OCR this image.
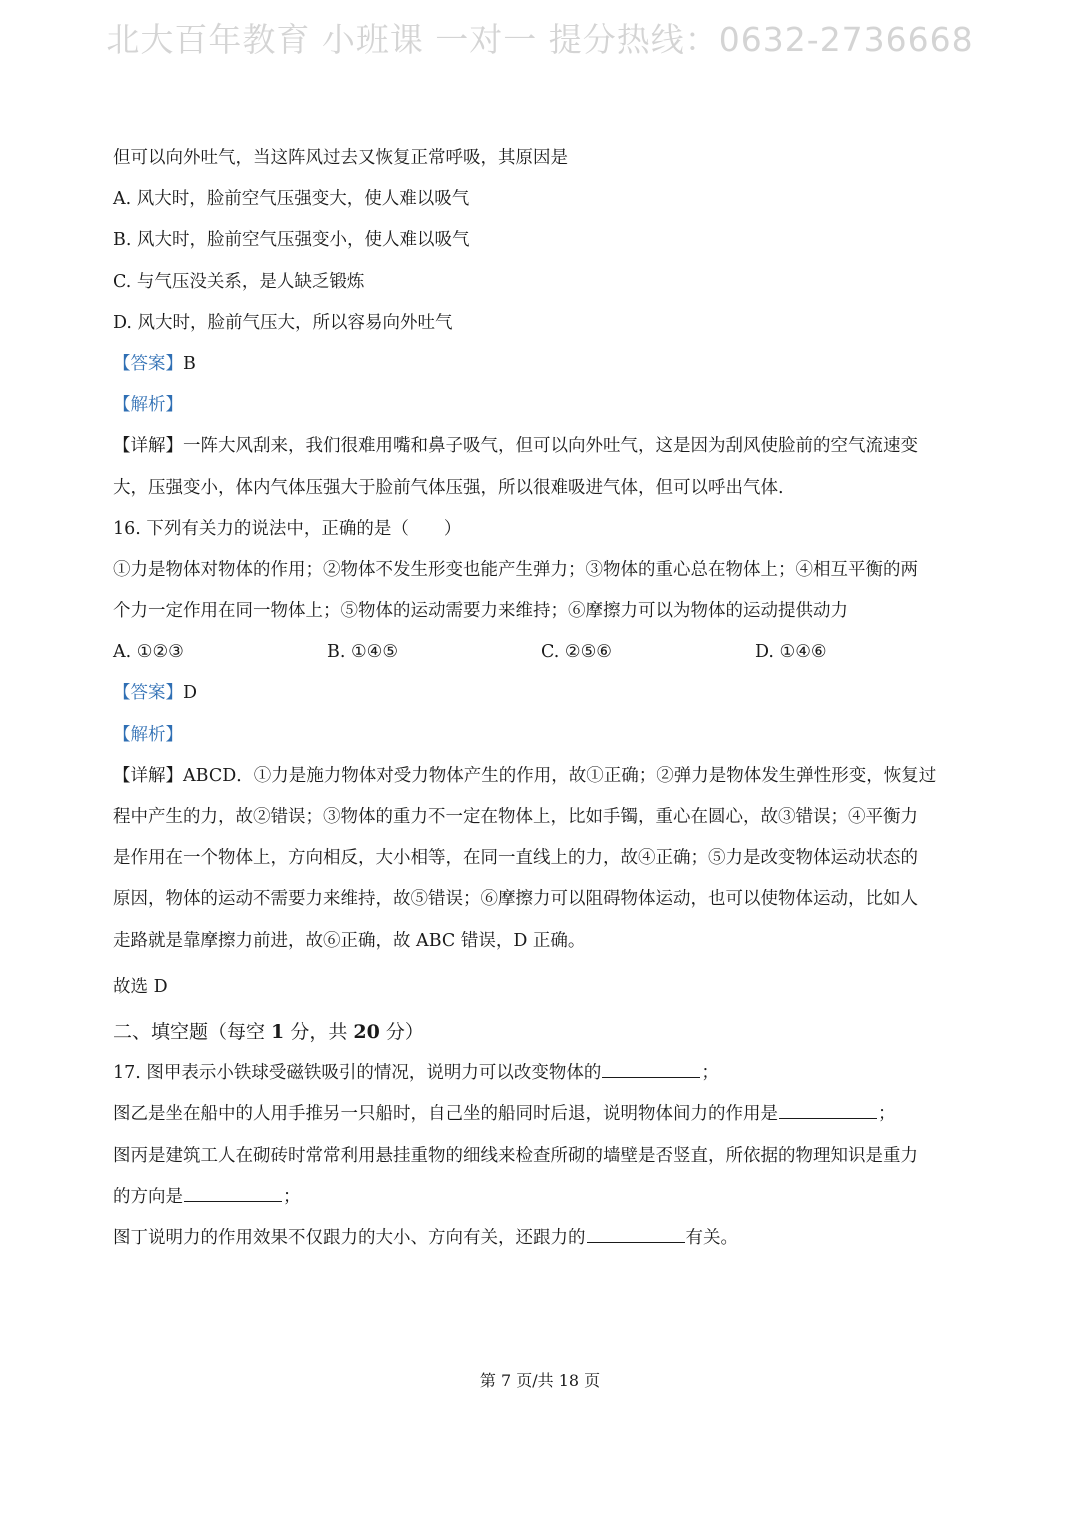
北大百年教育 小班课 一对一 提分热线：0632-2736668
但可以向外吐气，当这阵风过去又恢复正常呼吸，其原因是
A. 风大时，脸前空气压强变大，使人难以吸气
B. 风大时，脸前空气压强变小，使人难以吸气
C. 与气压没关系，是人缺乏锻炼
D. 风大时，脸前气压大，所以容易向外吐气
【答案】B
【解析】
【详解】一阵大风刮来，我们很难用嘴和鼻子吸气，但可以向外吐气，这是因为刮风使脸前的空气流速变
大，压强变小，体内气体压强大于脸前气体压强，所以很难吸进气体，但可以呼出气体.
16. 下列有关力的说法中，正确的是（　　）
①力是物体对物体的作用；②物体不发生形变也能产生弹力；③物体的重心总在物体上；④相互平衡的两
个力一定作用在同一物体上；⑤物体的运动需要力来维持；⑥摩擦力可以为物体的运动提供动力
A. ①②③	B. ①④⑤	C. ②⑤⑥	D. ①④⑥
【答案】D
【解析】
【详解】ABCD．①力是施力物体对受力物体产生的作用，故①正确；②弹力是物体发生弹性形变，恢复过
程中产生的力，故②错误；③物体的重力不一定在物体上，比如手镯，重心在圆心，故③错误；④平衡力
是作用在一个物体上，方向相反，大小相等，在同一直线上的力，故④正确；⑤力是改变物体运动状态的
原因，物体的运动不需要力来维持，故⑤错误；⑥摩擦力可以阻碍物体运动，也可以使物体运动，比如人
走路就是靠摩擦力前进，故⑥正确，故 ABC 错误，D 正确。
故选 D
二、填空题（每空 1 分，共 20 分）
17. 图甲表示小铁球受磁铁吸引的情况，说明力可以改变物体的	；
图乙是坐在船中的人用手推另一只船时，自己坐的船同时后退，说明物体间力的作用是	；
图丙是建筑工人在砌砖时常常利用悬挂重物的细线来检查所砌的墙壁是否竖直，所依据的物理知识是重力
的方向是	；
图丁说明力的作用效果不仅跟力的大小、方向有关，还跟力的	有关。
第 7 页/共 18 页
